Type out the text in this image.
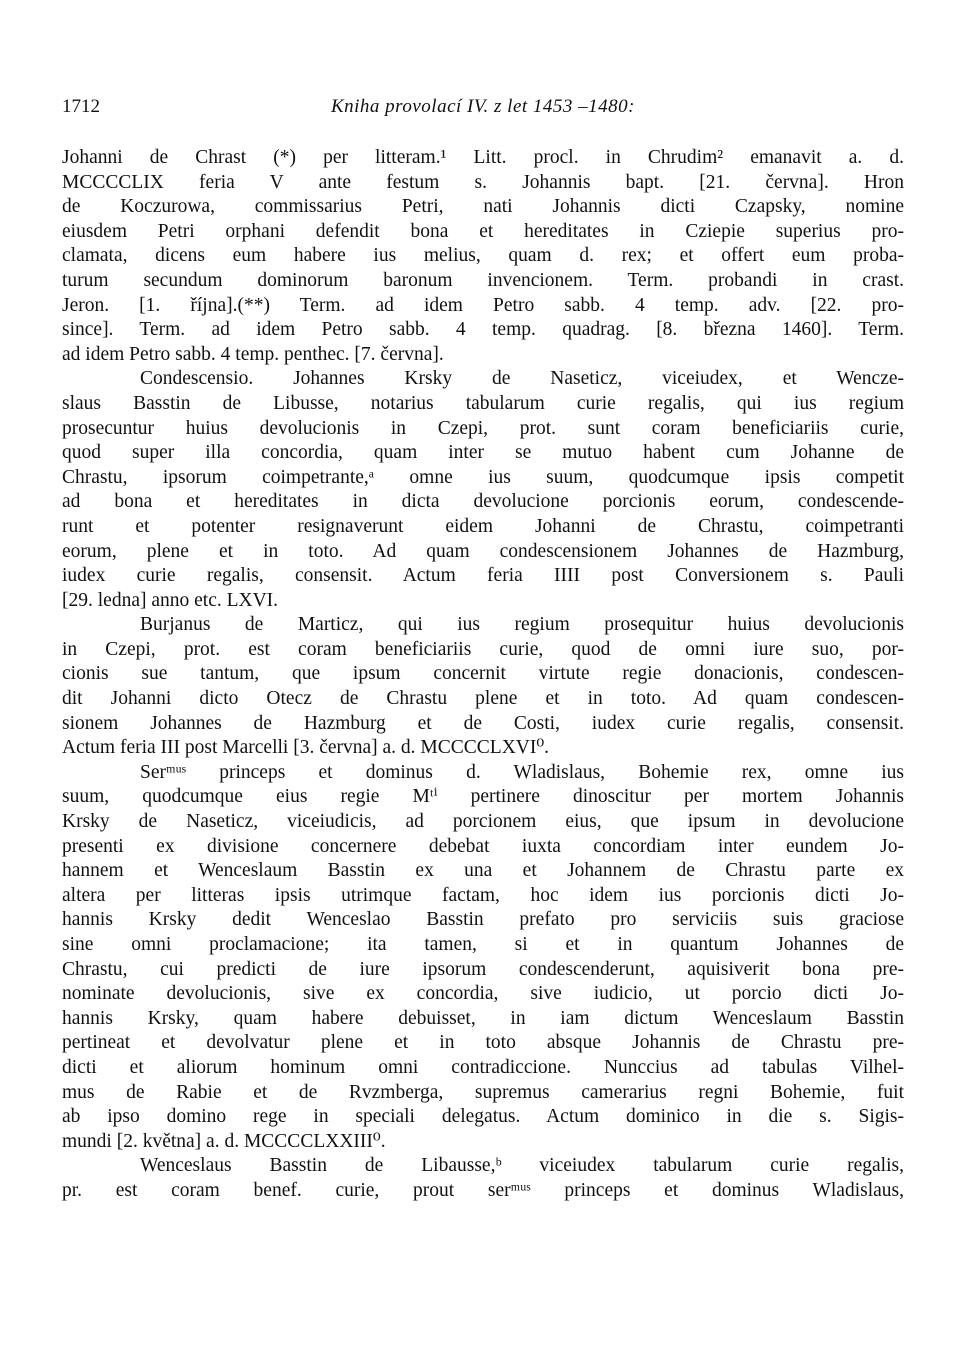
1712	Kniha provolací IV. z let 1453 –1480:
Johanni de Chrast (*) per litteram.¹ Litt. procl. in Chrudim² emanavit a. d.
MCCCCLIX feria V ante festum s. Johannis bapt. [21. června]. Hron
de Koczurowa, commissarius Petri, nati Johannis dicti Czapsky, nomine
eiusdem Petri orphani defendit bona et hereditates in Cziepie superius pro-
clamata, dicens eum habere ius melius, quam d. rex; et offert eum proba-
turum secundum dominorum baronum invencionem. Term. probandi in crast.
Jeron. [1. října].(**) Term. ad idem Petro sabb. 4 temp. adv. [22. pro-
since]. Term. ad idem Petro sabb. 4 temp. quadrag. [8. března 1460]. Term.
ad idem Petro sabb. 4 temp. penthec. [7. června].
Condescensio. Johannes Krsky de Naseticz, viceiudex, et Wencze-
slaus Basstin de Libusse, notarius tabularum curie regalis, qui ius regium
prosecuntur huius devolucionis in Czepi, prot. sunt coram beneficiariis curie,
quod super illa concordia, quam inter se mutuo habent cum Johanne de
Chrastu, ipsorum coimpetrante,ᵃ omne ius suum, quodcumque ipsis competit
ad bona et hereditates in dicta devolucione porcionis eorum, condescende-
runt et potenter resignaverunt eidem Johanni de Chrastu, coimpetranti
eorum, plene et in toto. Ad quam condescensionem Johannes de Hazmburg,
iudex curie regalis, consensit. Actum feria IIII post Conversionem s. Pauli
[29. ledna] anno etc. LXVI.
Burjanus de Marticz, qui ius regium prosequitur huius devolucionis
in Czepi, prot. est coram beneficiariis curie, quod de omni iure suo, por-
cionis sue tantum, que ipsum concernit virtute regie donacionis, condescen-
dit Johanni dicto Otecz de Chrastu plene et in toto. Ad quam condescen-
sionem Johannes de Hazmburg et de Costi, iudex curie regalis, consensit.
Actum feria III post Marcelli [3. června] a. d. MCCCCLXVI⁰.
Serᵐᵘˢ princeps et dominus d. Wladislaus, Bohemie rex, omne ius
suum, quodcumque eius regie Mᵗⁱ pertinere dinoscitur per mortem Johannis
Krsky de Naseticz, viceiudicis, ad porcionem eius, que ipsum in devolucione
presenti ex divisione concernere debebat iuxta concordiam inter eundem Jo-
hannem et Wenceslaum Basstin ex una et Johannem de Chrastu parte ex
altera per litteras ipsis utrimque factam, hoc idem ius porcionis dicti Jo-
hannis Krsky dedit Wenceslao Basstin prefato pro serviciis suis graciose
sine omni proclamacione; ita tamen, si et in quantum Johannes de
Chrastu, cui predicti de iure ipsorum condescenderunt, aquisiverit bona pre-
nominate devolucionis, sive ex concordia, sive iudicio, ut porcio dicti Jo-
hannis Krsky, quam habere debuisset, in iam dictum Wenceslaum Basstin
pertineat et devolvatur plene et in toto absque Johannis de Chrastu pre-
dicti et aliorum hominum omni contradiccione. Nunccius ad tabulas Vilhel-
mus de Rabie et de Rvzmberga, supremus camerarius regni Bohemie, fuit
ab ipso domino rege in speciali delegatus. Actum dominico in die s. Sigis-
mundi [2. května] a. d. MCCCCLXXIII⁰.
Wenceslaus Basstin de Libausse,ᵇ viceiudex tabularum curie regalis,
pr. est coram benef. curie, prout serᵐᵘˢ princeps et dominus Wladislaus,
